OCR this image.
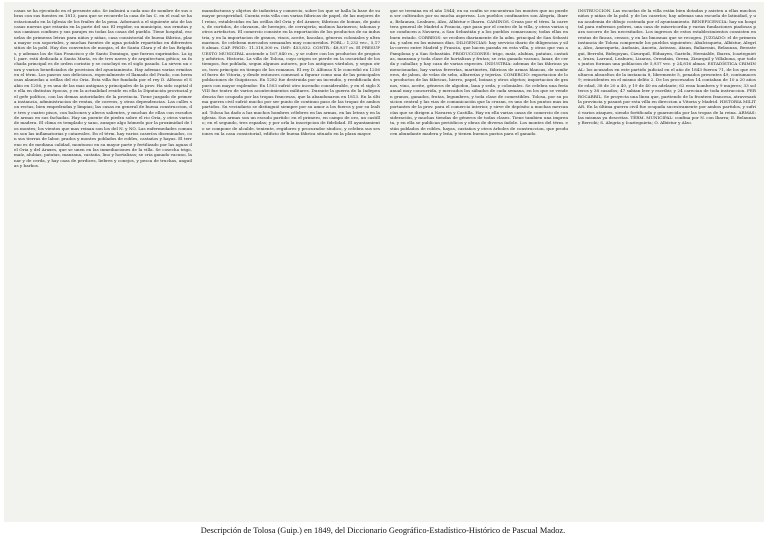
casas se ha ejecutado en el presente año. Se imbuirá a cada uno de nombre de sus obras con sus fuentes en 1813, para que se recuerde la casa de las C. en el cual se ha estacionado en la Iglesia de los frailes de la pena. Adornará a el siguiente año de las casas nuevas que estarán en la parte del sur. El regidor, su municipio, sus ermitas y sus caminos confines y sus parajes en todas las casas del pueblo. Tiene hospital, escuelas de primeras letras para niños y niñas, casa consistorial de buena fábrica, plaza mayor con soportales, y muchas fuentes de agua potable repartidas en diferentes sitios de la pobl. Hay dos conventos de monjas, el de Santa Clara y el de las Brígidas, y ademas los de San Francisco y de Santo Domingo, que fueron suprimidos. La igl. parr. está dedicada a Santa María, es de tres naves y de arquitectura gótica; su fachada principal es de orden corintio y se concluyó en el siglo pasado. La sirven un cura y varios beneficiados de provision del ayuntamiento. Hay ademas varias ermitas en el térm. Los paseos son deliciosos, especialmente el llamado del Prado, con hermosas alamedas a orillas del rio Oria. Esta villa fue fundada por el rey D. Alfonso el Sabio en 1256, y es una de las mas antiguas y principales de la prov. Ha sido capital de ella en distintas épocas, y en la actualidad reside en ella la Diputación provincial y el gefe político, con las demas autoridades de la provincia. Tiene juzgado de primera instancia, administracion de rentas, de correos, y otras dependencias. Las calles son rectas, bien empedradas y limpias; las casas en general de buena construccion, de tres y cuatro pisos, con balcones y aleros salientes, y muchas de ellas con escudos de armas en sus fachadas. Hay un puente de piedra sobre el rio Oria, y otros varios de madera. El clima es templado y sano, aunque algo húmedo por la proximidad de los montes; los vientos que mas reinan son los del N. y NO. Las enfermedades comunes son las inflamatorias y catarrales. En el térm. hay varios caseríos diseminados, con sus tierras de labor, prados y montes poblados de robles, castaños y hayas. El terreno es de mediana calidad, montuoso en su mayor parte y fertilizado por las aguas del Oria y del Araxes, que se unen en las inmediaciones de la villa. Se cosecha trigo, maíz, alubias, patatas, manzana, castaña, lino y hortalizas; se cria ganado vacuno, lanar y de cerda, y hay caza de perdices, liebres y conejos, y pesca de truchas, anguilas y barbos.
manufacturas y objetos de industria y comercio, sobre los que se halla la base de su mayor prosperidad. Cuenta esta villa con varias fábricas de papel, de las mejores del reino, establecidas en las orillas del Oria y del Araxes; fábricas de boinas, de paños, de curtidos, de clavazon, de herrajes, de cerrajería; molinos harineros; tahonas y otros artefactos. El comercio consiste en la exportación de los productos de su industria, y en la importacion de granos, vinos, aceite, bacalao, géneros coloniales y ultramarinos. Se celebran mercados semanales muy concurridos. POBL.: 1,232 vec., 5,178 almas. CAP. PROD.: 11.318,300 rs. IMP.: 453,832. CONTR.: 48,937 rs. El PRESUPUESTO MUNICIPAL asciende a 167,840 rs., y se cubre con los productos de propios y arbitrios. Historia. La villa de Tolosa, cuyo origen se pierde en la oscuridad de los tiempos, fue poblada, segun algunos autores, por los antiguos várdulos, y segun otros, tuvo principio en tiempo de los romanos. El rey D. Alfonso X le concedió en 1256 el fuero de Vitoria, y desde entonces comenzó a figurar como una de las principales poblaciones de Guipúzcoa. En 1282 fue destruida por un incendio, y reedificada despues con mayor esplendor. En 1503 sufrió otro incendio considerable, y en el siglo XVIII fue teatro de varios acontecimientos militares. Durante la guerra de la Independencia fue ocupada por las tropas francesas, que la abandonaron en 1813. En la última guerra civil sufrió mucho por ser punto de continuo paso de las tropas de ambos partidos. Su vecindario se distinguió siempre por su amor a los fueros y por su lealtad. Tolosa ha dado a luz muchos hombres célebres en las armas, en las letras y en la iglesia. Sus armas son un escudo partido: en el primero, en campo de oro, un castillo; en el segundo, tres espadas; y por orla la inscripcion de fidelidad. El ayuntamiento se compone de alcalde, teniente, regidores y procurador síndico, y celebra sus sesiones en la casa consistorial, edificio de buena fábrica situado en la plaza mayor.
que se termina en el año 1844; en su confin se encuentran los montes que no pueden ser cultivados por su mucha aspereza. Los pueblos confinantes son Alegría, Ibarra, Belaunza, Leaburu, Alzo, Albístur e Ibarra. CAMINOS. Cruza por el térm. la carretera general de Madrid a Francia, que pasa por el centro de la villa, y otras varias que conducen a Navarra, a San Sebastián y a los pueblos comarcanos; todas ellas en buen estado. CORREOS: se reciben diariamente de la adm. principal de San Sebastián, y salen en los mismos días. DILIGENCIAS: hay servicio diario de diligencias y silla-correo entre Madrid y Francia, que hacen parada en esta villa, y otras que van a Pamplona y a San Sebastián. PRODUCCIONES: trigo, maíz, alubias, patatas, castañas, manzana y toda clase de hortalizas y frutas; se cria ganado vacuno, lanar, de cerda y caballar, y hay caza de varias especies. INDUSTRIA: ademas de las fábricas ya mencionadas, hay varias ferrerías, martinetes, fábricas de armas blancas, de sombreros, de jabon, de velas de sebo, alfarerías y tejerías. COMERCIO: exportacion de los productos de las fábricas, hierro, papel, boinas y otros objetos; importacion de granos, vino, aceite, géneros de algodon, lana y seda, y coloniales. Se celebra una feria anual muy concurrida, y mercados los sábados de cada semana, en los que se venden granos, ganados, frutas, legumbres, y toda clase de comestibles. Tolosa, por su posicion central y las vias de comunicación que la cruzan, es uno de los puntos mas importantes de la prov. para el comercio interior, y sirve de depósito a muchas mercancías que se dirigen a Navarra y Castilla. Hay en ella varias casas de comercio de consideración, y muchas tiendas de géneros de todas clases. Tiene tambien una imprenta, y en ella se publican periódicos y obras de diversa índole. Los montes del térm. están poblados de robles, hayas, castaños y otros árboles de construccion, que producen abundante madera y leña, y tienen buenos pastos para el ganado.
INSTRUCCION. Las escuelas de la villa están bien dotadas y asisten a ellas muchos niños y niñas de la pobl. y de los caseríos; hay ademas una escuela de latinidad, y una academia de dibujo costeada por el ayuntamiento. BENEFICENCIA: hay un hospital para enfermos pobres, una casa de misericordia y varias fundaciones piadosas para socorro de los necesitados. Los ingresos de estos establecimientos consisten en rentas de fincas, censos, y en las limosnas que se recogen. JUZGADO: el de primera instancia de Tolosa comprende los pueblos siguientes: Abalcisqueta, Albístur, Alegría, Alzo, Amezqueta, Andoain, Anoeta, Asteasu, Ataun, Baliarrain, Belaunza, Berastegui, Berrobi, Bidegoyan, Cizurquil, Elduayen, Gaztelu, Hernialde, Ibarra, Icazteguieta, Irura, Larraul, Leaburu, Lizarza, Orendain, Orexa, Zizurquil y Villabona, que todos juntos forman una poblacion de 5,937 vec. y 24,816 almas. ESTADÍSTICA CRIMINAL: los acusados en este partido judicial en el año de 1843 fueron 71, de los que resultaron absueltos de la instancia 8, libremente 5, penados presentes 49, contumaces 9; reincidentes en el mismo delito 2. De los procesados 14 contaban de 10 a 20 años de edad, 38 de 20 a 40, y 19 de 40 en adelante; 62 eran hombres y 9 mujeres; 33 solteros y 38 casados; 47 sabian leer y escribir, y 24 carecian de toda instruccion. FERROCARRIL. Se proyecta una línea que, partiendo de la frontera francesa, atravesará la provincia y pasará por esta villa en direccion a Vitoria y Madrid. HISTORIA MILITAR. En la última guerra civil fue ocupada sucesivamente por ambos partidos, y sufrió varios ataques, siendo fortificada y guarnecida por las tropas de la reina. ARMAS: las mismas ya descritas. TÉRM. MUNICIPAL: confina por N. con Ibarra; E. Belaunza y Berrobi; S. Alegría y Icazteguieta; O. Albístur y Alzo.
Descripción de Tolosa (Guip.) en 1849, del Diccionario Geográfico-Estadístico-Histórico de Pascual Madoz.
